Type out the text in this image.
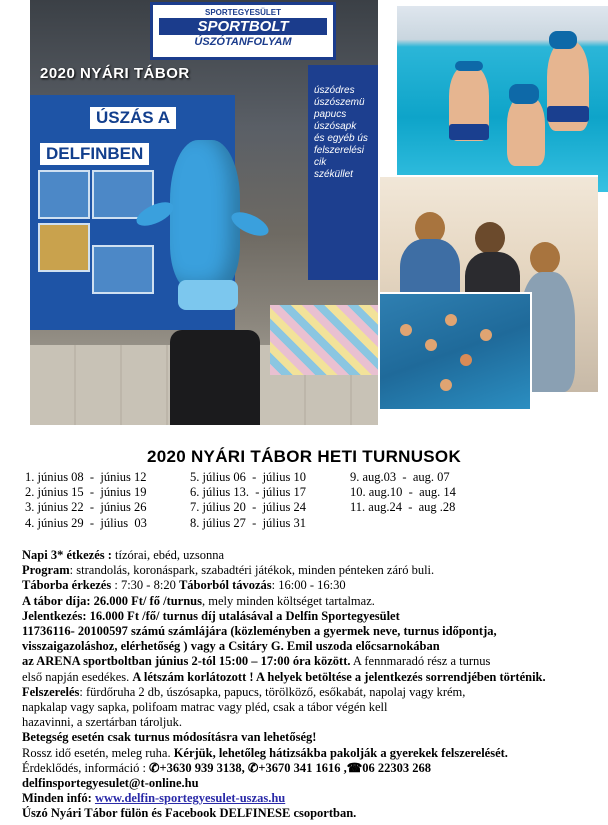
ÚSZÁS A
DELFINBEN
SPORTEGYESÜLET
SPORTBOLT
ÚSZÓTANFOLYAM
úszódres
úszószemü
papucs
úszósapk
és egyéb ús
felszerelési cik
széküllet
2020 NYÁRI TÁBOR
2020 NYÁRI TÁBOR HETI TURNUSOK
1. június 08  -  június 12
2. június 15  -  június 19
3. június 22  -  június 26
4. június 29  -  július  03
5. július 06  -  július 10
6. július 13.  - július 17
7. július 20  -  július 24
8. július 27  -  július 31
9. aug.03  -  aug. 07
10. aug.10  -  aug. 14
11. aug.24  -  aug .28

Napi 3* étkezés : tízórai, ebéd, uzsonna

Program: strandolás, koronáspark, szabadtéri játékok, minden pénteken záró buli.

Táborba érkezés : 7:30 - 8:20 Táborból távozás: 16:00 - 16:30

A tábor díja: 26.000 Ft/ fő /turnus, mely minden költséget tartalmaz.

Jelentkezés: 16.000 Ft /fő/ turnus díj utalásával a Delfin Sportegyesület

11736116- 20100597 számú számlájára (közleményben a gyermek neve, turnus időpontja,

visszaigazoláshoz, elérhetőség ) vagy a Csitáry G. Emil uszoda előcsarnokában

az ARENA sportboltban június 2-tól 15:00 – 17:00 óra között. A fennmaradó rész a turnus

első napján esedékes. A létszám korlátozott ! A helyek betöltése a jelentkezés sorrendjében történik.

Felszerelés: fürdőruha 2 db, úszósapka, papucs, törölköző, esőkabát, napolaj vagy krém,

napkalap vagy sapka, polifoam matrac vagy pléd, csak a tábor végén kell

hazavinni, a szertárban tároljuk.

Betegség esetén csak turnus módosításra van lehetőség!

Rossz idő esetén, meleg ruha. Kérjük, lehetőleg hátizsákba pakolják a gyerekek felszerelését.

Érdeklődés, információ : ✆+3630 939 3138, ✆+3670 341 1616 ,☎06 22303 268

delfinsportegyesulet@t-online.hu

Minden infó: www.delfin-sportegyesulet-uszas.hu

Úszó Nyári Tábor fülön és Facebook DELFINESE csoportban.
